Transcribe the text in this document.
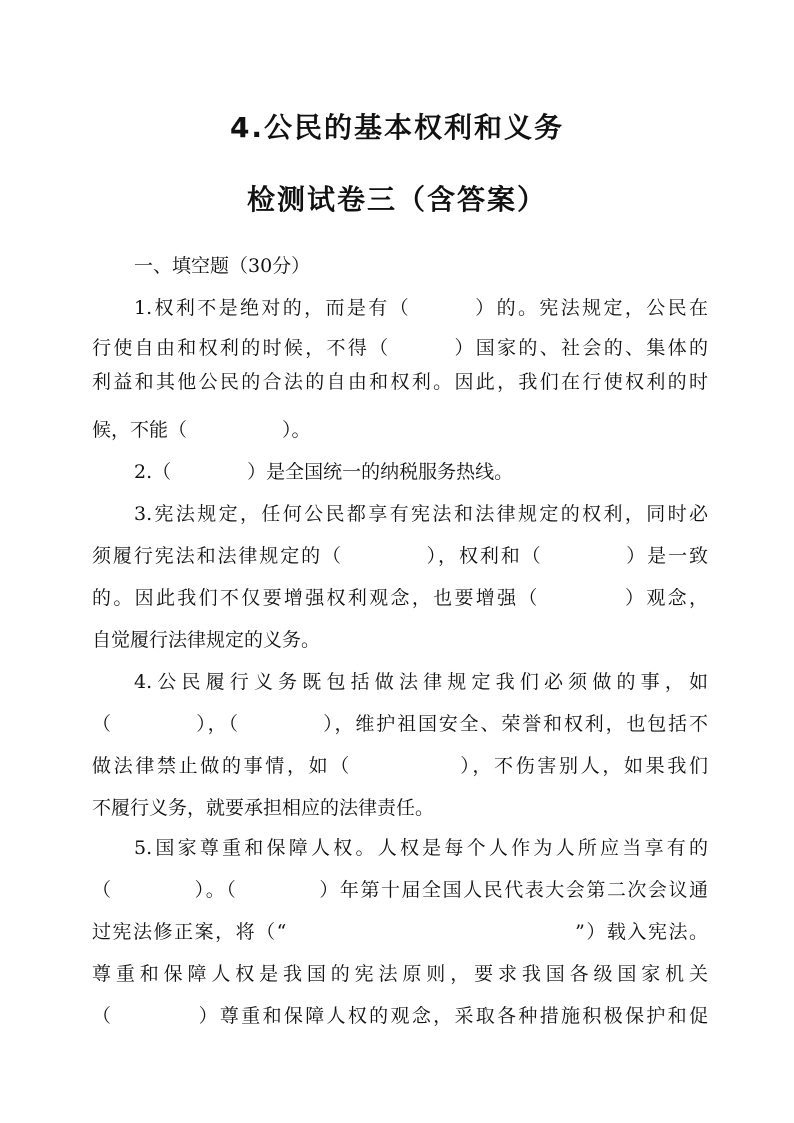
4.公民的基本权利和义务
检测试卷三（含答案）
一、填空题（30分）
1.权利不是绝对的，而是有（　　　）的。宪法规定，公民在
行使自由和权利的时候，不得（　　　）国家的、社会的、集体的
利益和其他公民的合法的自由和权利。因此，我们在行使权利的时
候，不能（　　　　　）。
2.（　　　　）是全国统一的纳税服务热线。
3.宪法规定，任何公民都享有宪法和法律规定的权利，同时必
须履行宪法和法律规定的（　　　　），权利和（　　　　）是一致
的。因此我们不仅要增强权利观念，也要增强（　　　　）观念，
自觉履行法律规定的义务。
4.公民履行义务既包括做法律规定我们必须做的事，如
（　　　　），（　　　　），维护祖国安全、荣誉和权利，也包括不
做法律禁止做的事情，如（　　　　　），不伤害别人，如果我们
不履行义务，就要承担相应的法律责任。
5.国家尊重和保障人权。人权是每个人作为人所应当享有的
（　　　　）。（　　　　）年第十届全国人民代表大会第二次会议通
过宪法修正案，将（“　　　　　　　　　　　　　　”）载入宪法。
尊重和保障人权是我国的宪法原则，要求我国各级国家机关
（　　　　）尊重和保障人权的观念，采取各种措施积极保护和促
